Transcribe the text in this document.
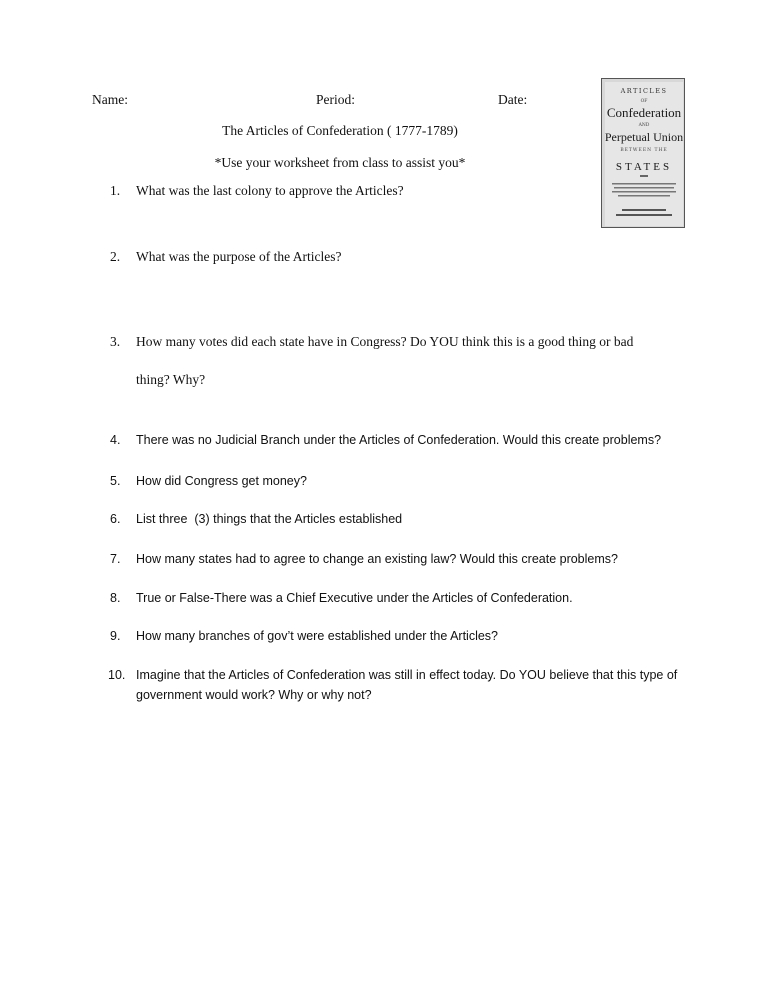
Name:	Period:	Date:
The Articles of Confederation ( 1777-1789)
*Use your worksheet from class to assist you*
ARTICLES
OF
Confederation
AND
Perpetual Union
BETWEEN THE
STATES
1. What was the last colony to approve the Articles?
2. What was the purpose of the Articles?
3. How many votes did each state have in Congress? Do YOU think this is a good thing or bad thing? Why?
4. There was no Judicial Branch under the Articles of Confederation. Would this create problems?
5. How did Congress get money?
6. List three  (3) things that the Articles established
7. How many states had to agree to change an existing law? Would this create problems?
8. True or False-There was a Chief Executive under the Articles of Confederation.
9. How many branches of gov’t were established under the Articles?
10. Imagine that the Articles of Confederation was still in effect today. Do YOU believe that this type of government would work? Why or why not?
